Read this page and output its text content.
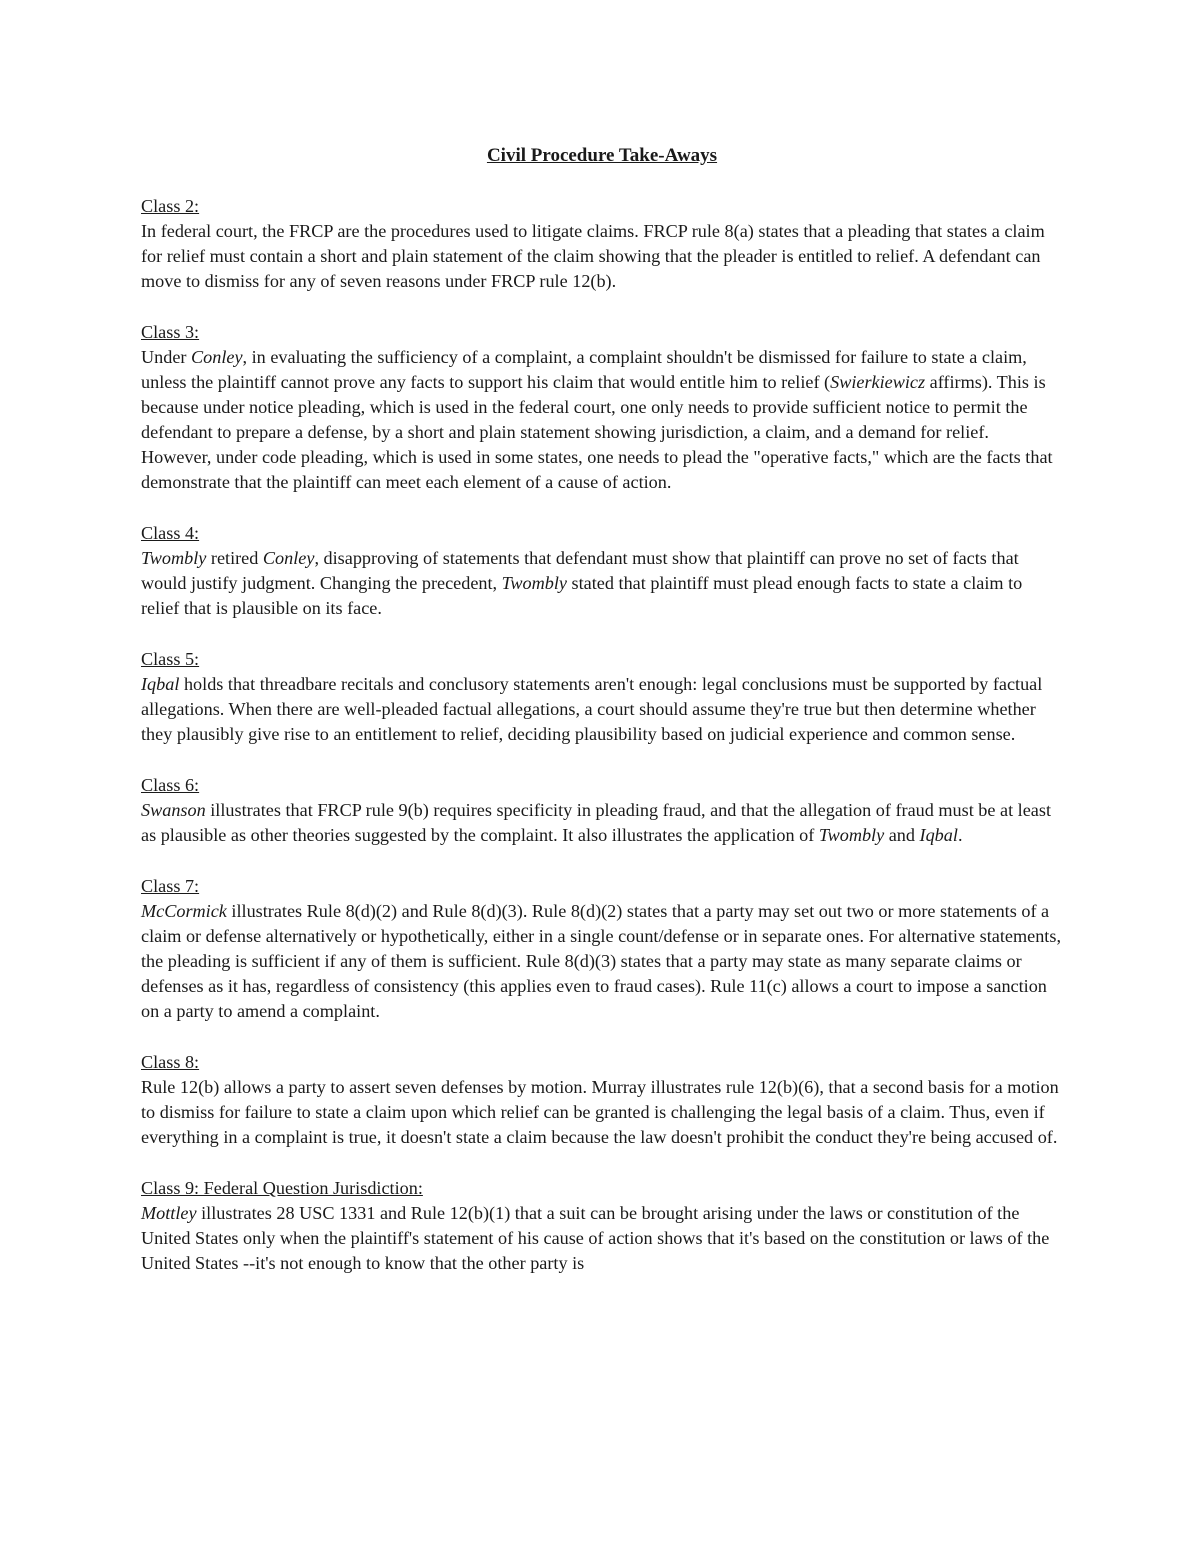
Civil Procedure Take-Aways
Class 2:
In federal court, the FRCP are the procedures used to litigate claims. FRCP rule 8(a) states that a pleading that states a claim for relief must contain a short and plain statement of the claim showing that the pleader is entitled to relief. A defendant can move to dismiss for any of seven reasons under FRCP rule 12(b).
Class 3:
Under Conley, in evaluating the sufficiency of a complaint, a complaint shouldn't be dismissed for failure to state a claim, unless the plaintiff cannot prove any facts to support his claim that would entitle him to relief (Swierkiewicz affirms). This is because under notice pleading, which is used in the federal court, one only needs to provide sufficient notice to permit the defendant to prepare a defense, by a short and plain statement showing jurisdiction, a claim, and a demand for relief. However, under code pleading, which is used in some states, one needs to plead the "operative facts," which are the facts that demonstrate that the plaintiff can meet each element of a cause of action.
Class 4:
Twombly retired Conley, disapproving of statements that defendant must show that plaintiff can prove no set of facts that would justify judgment. Changing the precedent, Twombly stated that plaintiff must plead enough facts to state a claim to relief that is plausible on its face.
Class 5:
Iqbal holds that threadbare recitals and conclusory statements aren't enough: legal conclusions must be supported by factual allegations. When there are well-pleaded factual allegations, a court should assume they're true but then determine whether they plausibly give rise to an entitlement to relief, deciding plausibility based on judicial experience and common sense.
Class 6:
Swanson illustrates that FRCP rule 9(b) requires specificity in pleading fraud, and that the allegation of fraud must be at least as plausible as other theories suggested by the complaint. It also illustrates the application of Twombly and Iqbal.
Class 7:
McCormick illustrates Rule 8(d)(2) and Rule 8(d)(3). Rule 8(d)(2) states that a party may set out two or more statements of a claim or defense alternatively or hypothetically, either in a single count/defense or in separate ones. For alternative statements, the pleading is sufficient if any of them is sufficient. Rule 8(d)(3) states that a party may state as many separate claims or defenses as it has, regardless of consistency (this applies even to fraud cases). Rule 11(c) allows a court to impose a sanction on a party to amend a complaint.
Class 8:
Rule 12(b) allows a party to assert seven defenses by motion. Murray illustrates rule 12(b)(6), that a second basis for a motion to dismiss for failure to state a claim upon which relief can be granted is challenging the legal basis of a claim. Thus, even if everything in a complaint is true, it doesn't state a claim because the law doesn't prohibit the conduct they're being accused of.
Class 9: Federal Question Jurisdiction:
Mottley illustrates 28 USC 1331 and Rule 12(b)(1) that a suit can be brought arising under the laws or constitution of the United States only when the plaintiff's statement of his cause of action shows that it's based on the constitution or laws of the United States --it's not enough to know that the other party is
